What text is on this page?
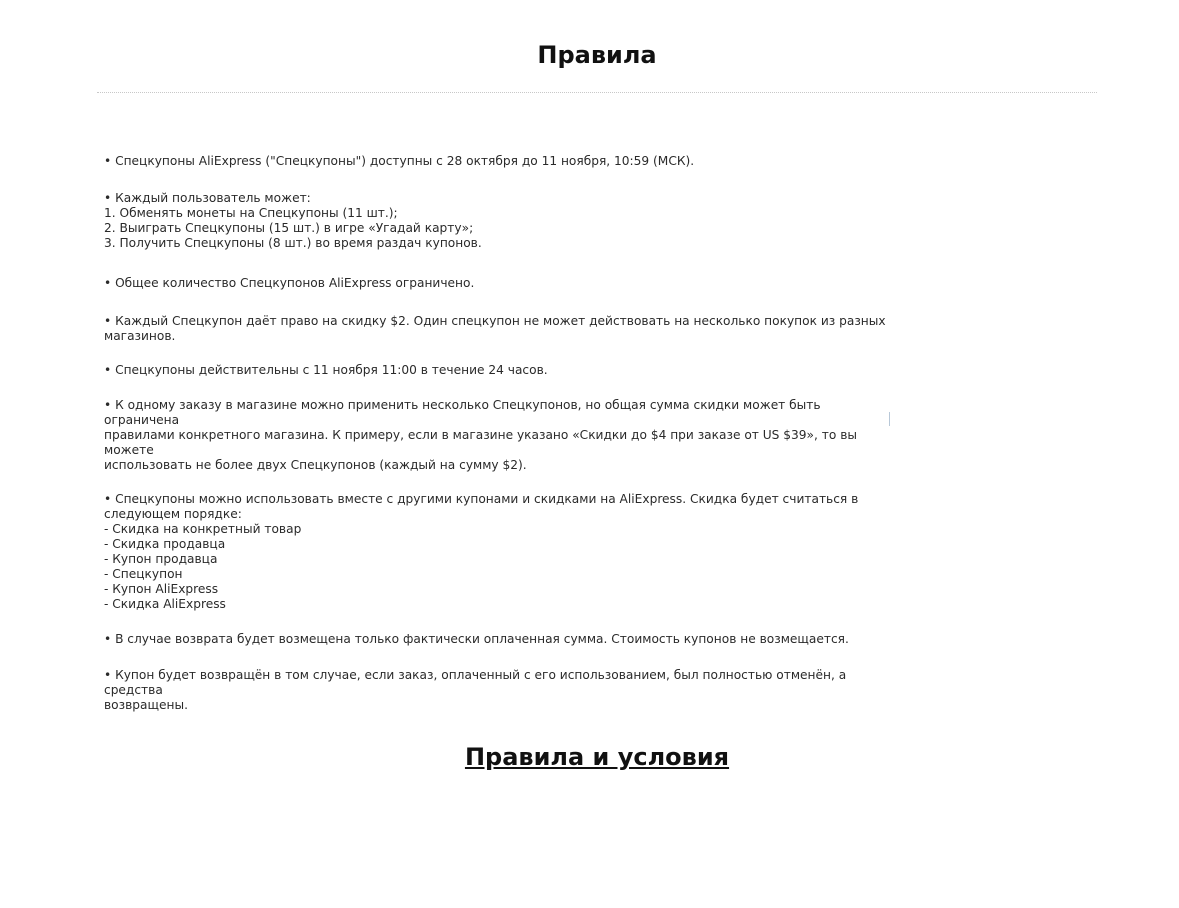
Правила

• Спецкупоны AliExpress ("Спецкупоны") доступны с 28 октября до 11 ноября, 10:59 (МСК).

• Каждый пользователь может:
1. Обменять монеты на Спецкупоны (11 шт.);
2. Выиграть Спецкупоны (15 шт.) в игре «Угадай карту»;
3. Получить Спецкупоны (8 шт.) во время раздач купонов.

• Общее количество Спецкупонов AliExpress ограничено.

• Каждый Спецкупон даёт право на скидку $2. Один спецкупон не может действовать на несколько покупок из разных
магазинов.

• Спецкупоны действительны с 11 ноября 11:00 в течение 24 часов.

• К одному заказу в магазине можно применить несколько Спецкупонов, но общая сумма скидки может быть ограничена
правилами конкретного магазина. К примеру, если в магазине указано «Скидки до $4 при заказе от US $39», то вы можете
использовать не более двух Спецкупонов (каждый на сумму $2).

• Спецкупоны можно использовать вместе с другими купонами и скидками на AliExpress. Скидка будет считаться в
следующем порядке:
- Скидка на конкретный товар
- Скидка продавца
- Купон продавца
- Спецкупон
- Купон AliExpress
- Скидка AliExpress

• В случае возврата будет возмещена только фактически оплаченная сумма. Стоимость купонов не возмещается.

• Купон будет возвращён в том случае, если заказ, оплаченный с его использованием, был полностью отменён, а средства
возвращены.

Правила и условия
